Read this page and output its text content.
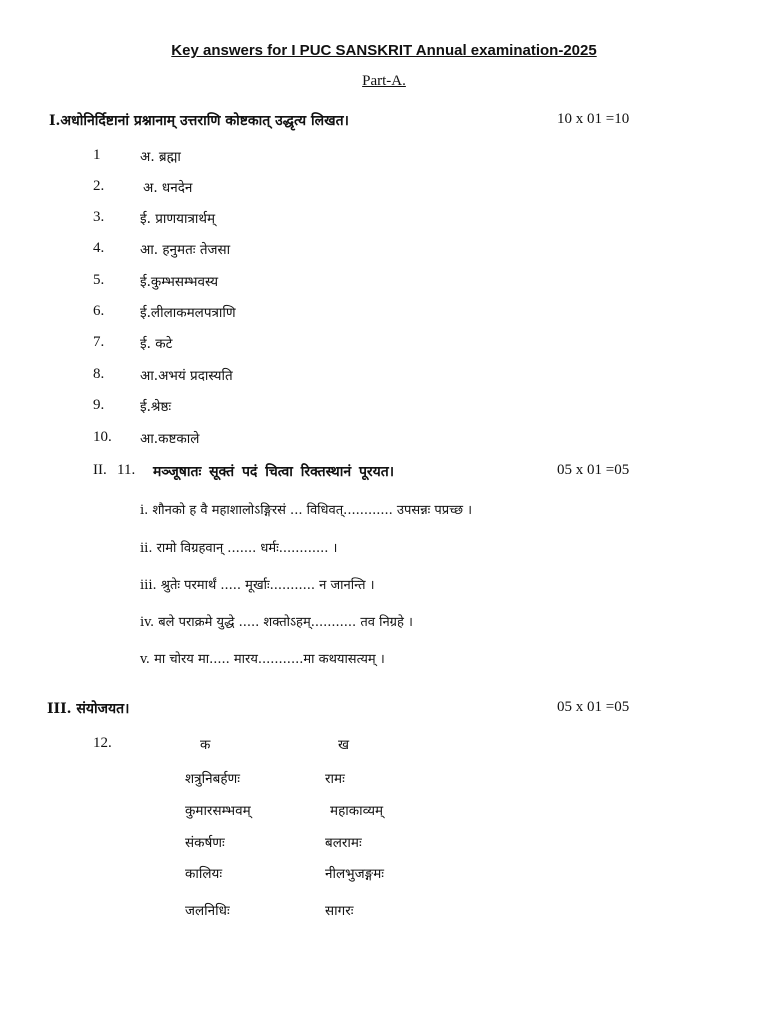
Key answers for I PUC SANSKRIT Annual examination-2025
Part-A.
I.अधोनिर्दिष्टानां प्रश्नानाम् उत्तराणि कोष्टकात् उद्धृत्य लिखत।	10 x 01 =10
1	अ. ब्रह्मा
2.	अ. धनदेन
3.	ई. प्राणयात्रार्थम्
4.	आ. हनुमतः तेजसा
5.	ई.कुम्भसम्भवस्य
6.	ई.लीलाकमलपत्राणि
7.	ई. कटे
8.	आ.अभयं प्रदास्यति
9.	ई.श्रेष्ठः
10. आ.कष्टकाले
II. 11. मञ्जूषातः सूक्तं पदं चित्वा रिक्तस्थानं पूरयत।	05 x 01 =05
i. शौनको ह वै महाशालोऽङ्गिरसं ... विधिवत्............ उपसन्नः पप्रच्छ ।
ii. रामो विग्रहवान् ....... धर्मः............ ।
iii. श्रुतेः परमार्थं ..... मूर्खाः........... न जानन्ति ।
iv. बले पराक्रमे युद्धे ..... शक्तोऽहम्........... तव निग्रहे ।
v. मा चोरय मा..... मारय...........मा कथयासत्यम् ।
III. संयोजयत।	05 x 01 =05
12.	क	ख
शत्रुनिबर्हणः	रामः
कुमारसम्भवम्	महाकाव्यम्
संकर्षणः	बलरामः
कालियः	नीलभुजङ्गमः
जलनिधिः	सागरः
